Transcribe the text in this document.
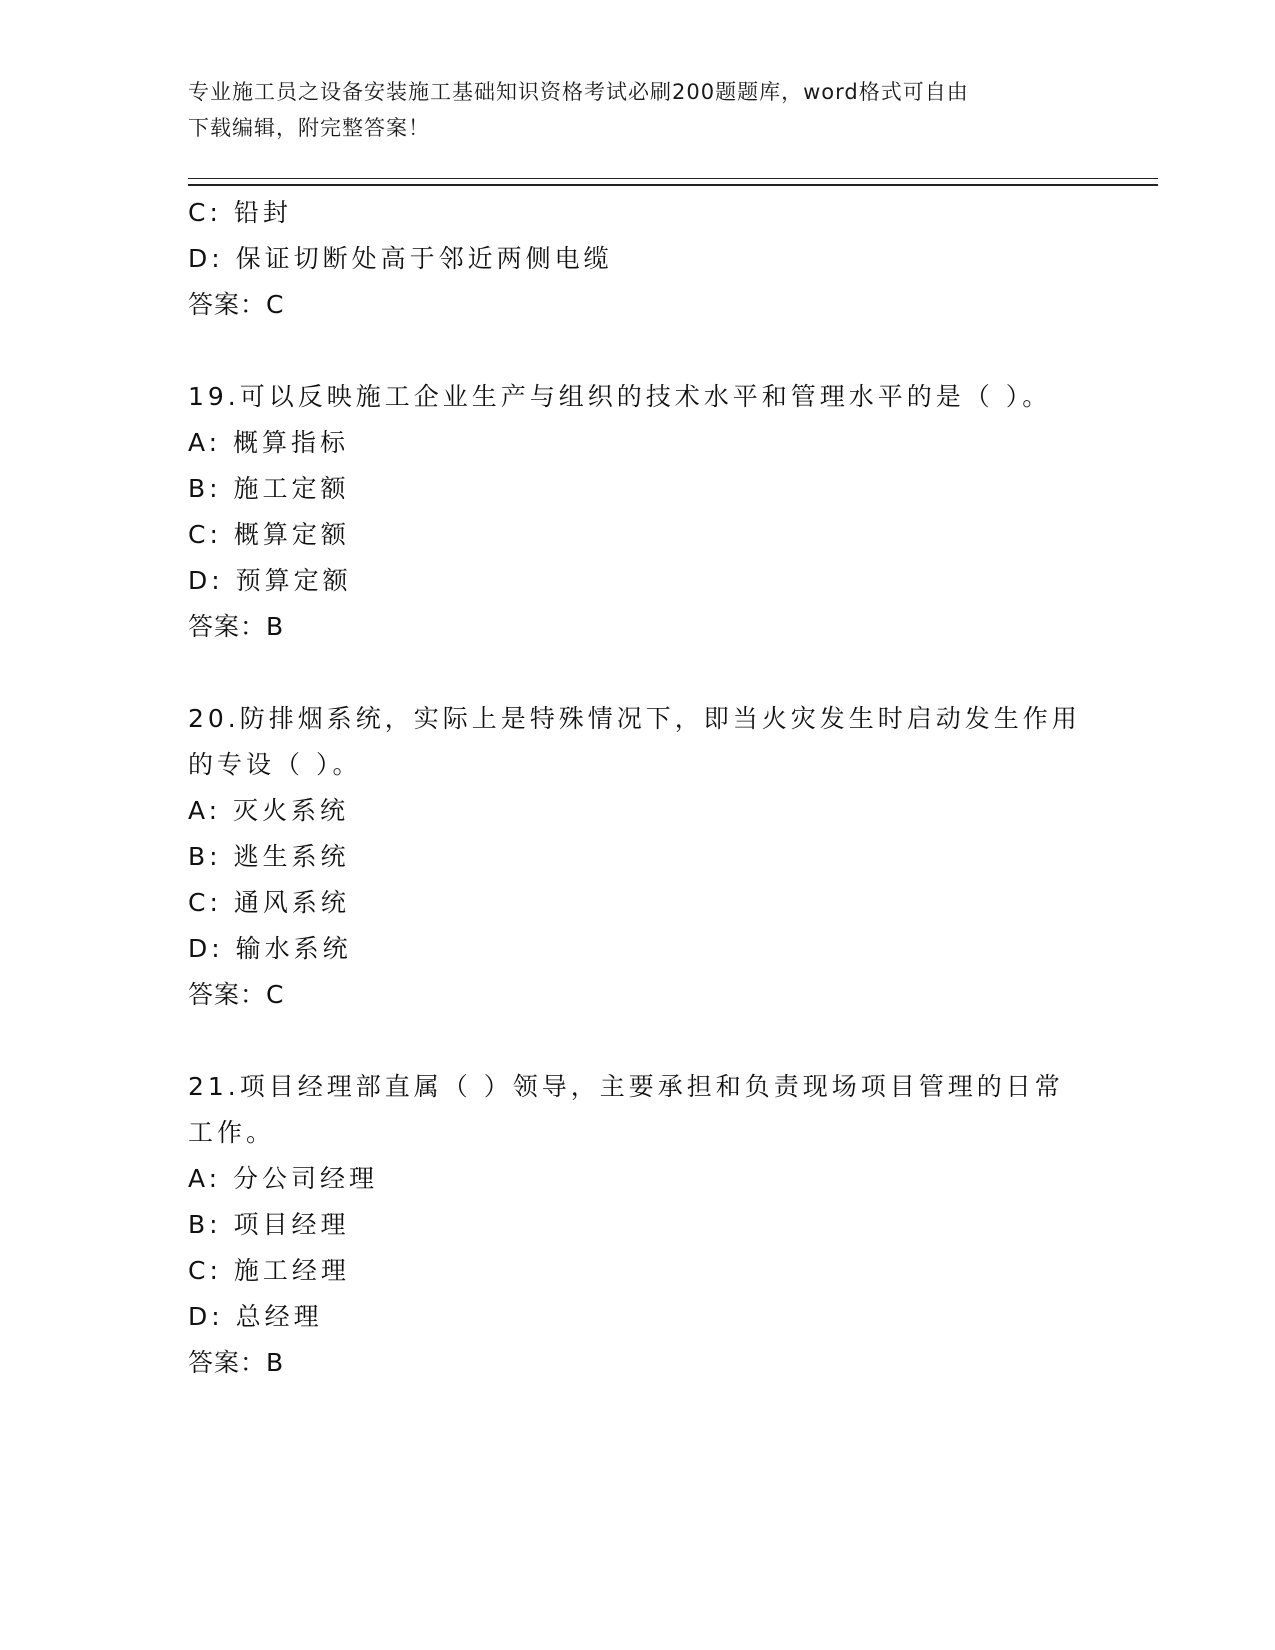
专业施工员之设备安装施工基础知识资格考试必刷200题题库，word格式可自由
下载编辑，附完整答案！
C: 铅封
D: 保证切断处高于邻近两侧电缆
答案：C
19.可以反映施工企业生产与组织的技术水平和管理水平的是（ ）。
A: 概算指标
B: 施工定额
C: 概算定额
D: 预算定额
答案：B
20.防排烟系统，实际上是特殊情况下，即当火灾发生时启动发生作用
的专设（ ）。
A: 灭火系统
B: 逃生系统
C: 通风系统
D: 输水系统
答案：C
21.项目经理部直属（ ）领导，主要承担和负责现场项目管理的日常
工作。
A: 分公司经理
B: 项目经理
C: 施工经理
D: 总经理
答案：B
